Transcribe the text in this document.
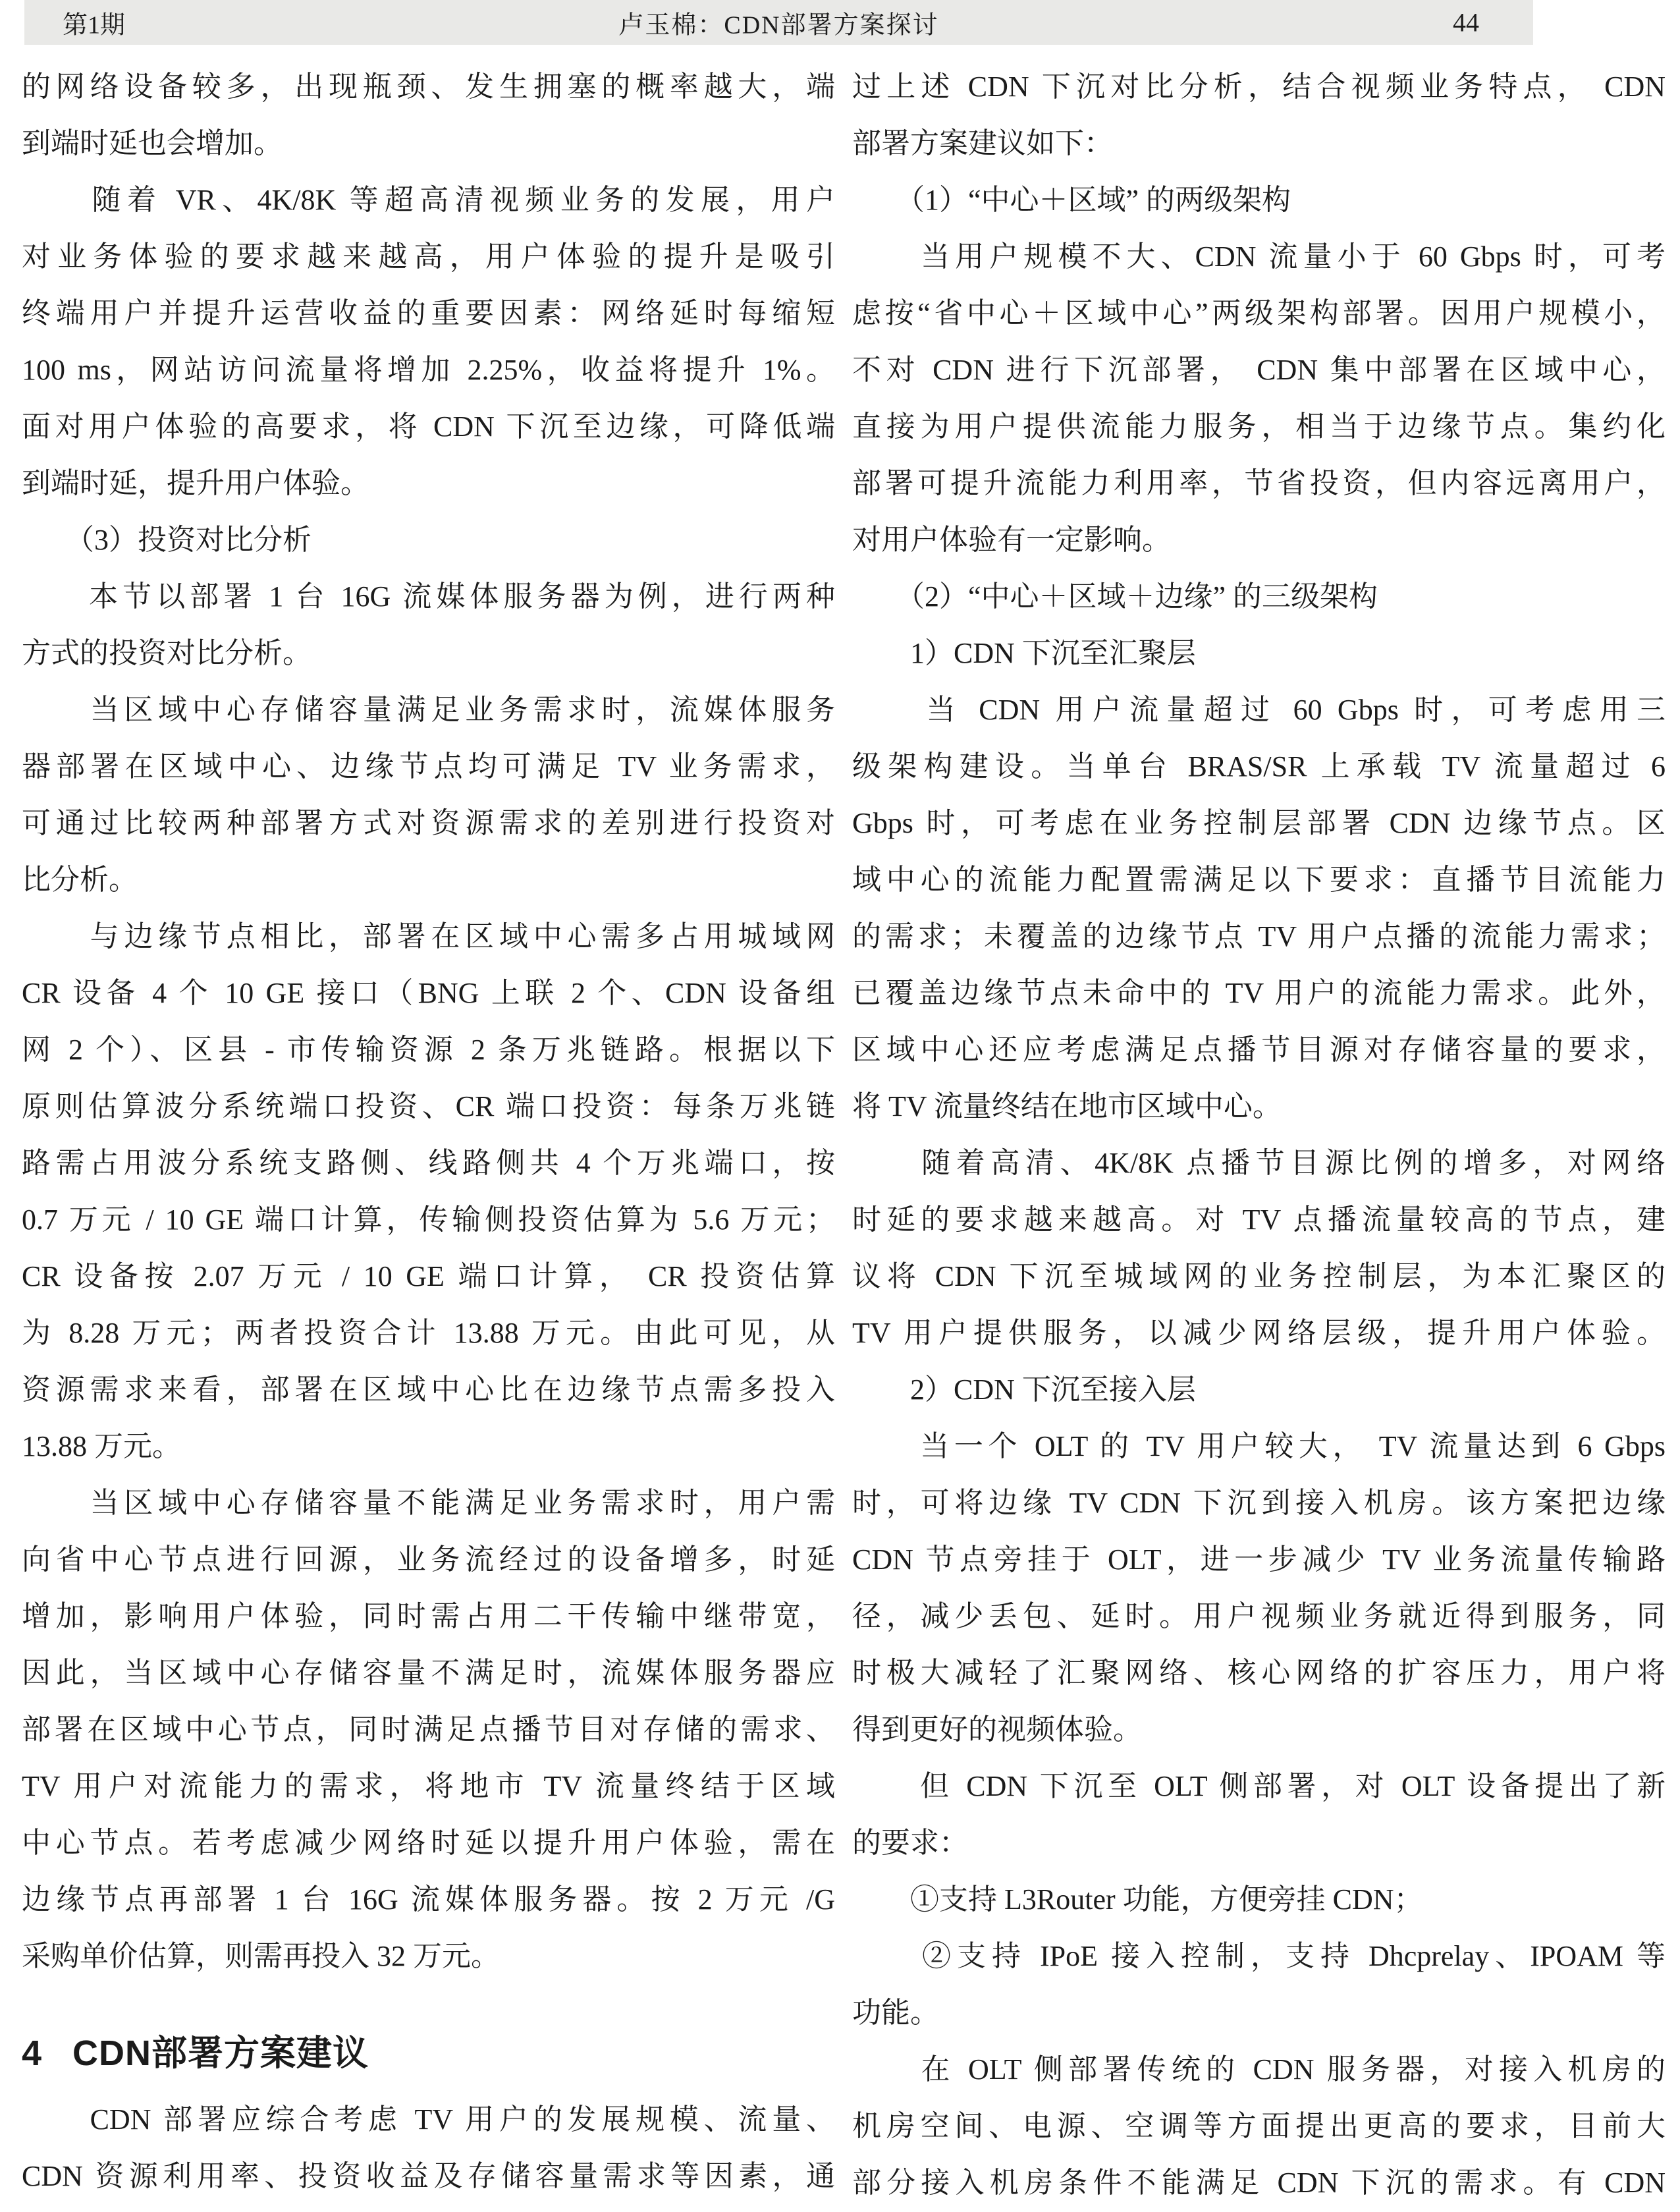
第1期	卢玉棉：CDN部署方案探讨	44
的网络设备较多，出现瓶颈、发生拥塞的概率越大，端
到端时延也会增加。
　　随着 VR、4K/8K 等超高清视频业务的发展，用户
对业务体验的要求越来越高，用户体验的提升是吸引
终端用户并提升运营收益的重要因素：网络延时每缩短
100 ms，网站访问流量将增加 2.25%，收益将提升 1%。
面对用户体验的高要求，将 CDN 下沉至边缘，可降低端
到端时延，提升用户体验。
　　（3）投资对比分析
　　本节以部署 1 台 16G 流媒体服务器为例，进行两种
方式的投资对比分析。
　　当区域中心存储容量满足业务需求时，流媒体服务
器部署在区域中心、边缘节点均可满足 TV 业务需求，
可通过比较两种部署方式对资源需求的差别进行投资对
比分析。
　　与边缘节点相比，部署在区域中心需多占用城域网
CR 设备 4 个 10 GE 接口（BNG 上联 2 个、CDN 设备组
网 2 个）、区县 - 市传输资源 2 条万兆链路。根据以下
原则估算波分系统端口投资、CR 端口投资：每条万兆链
路需占用波分系统支路侧、线路侧共 4 个万兆端口，按
0.7 万元 / 10 GE 端口计算，传输侧投资估算为 5.6 万元；
CR 设备按 2.07 万元 / 10 GE 端口计算， CR 投资估算
为 8.28 万元；两者投资合计 13.88 万元。由此可见，从
资源需求来看，部署在区域中心比在边缘节点需多投入
13.88 万元。
　　当区域中心存储容量不能满足业务需求时，用户需
向省中心节点进行回源，业务流经过的设备增多，时延
增加，影响用户体验，同时需占用二干传输中继带宽，
因此，当区域中心存储容量不满足时，流媒体服务器应
部署在区域中心节点，同时满足点播节目对存储的需求、
TV 用户对流能力的需求，将地市 TV 流量终结于区域
中心节点。若考虑减少网络时延以提升用户体验，需在
边缘节点再部署 1 台 16G 流媒体服务器。按 2 万元 /G
采购单价估算，则需再投入 32 万元。
4 CDN部署方案建议
　　CDN 部署应综合考虑 TV 用户的发展规模、流量、
CDN 资源利用率、投资收益及存储容量需求等因素，通
过上述 CDN 下沉对比分析，结合视频业务特点， CDN
部署方案建议如下：
　　（1）“中心＋区域” 的两级架构
　　当用户规模不大、CDN 流量小于 60 Gbps 时，可考
虑按“省中心＋区域中心”两级架构部署。因用户规模小，
不对 CDN 进行下沉部署， CDN 集中部署在区域中心，
直接为用户提供流能力服务，相当于边缘节点。集约化
部署可提升流能力利用率，节省投资，但内容远离用户，
对用户体验有一定影响。
　　（2）“中心＋区域＋边缘” 的三级架构
　　1）CDN 下沉至汇聚层
　　当 CDN 用户流量超过 60 Gbps 时，可考虑用三
级架构建设。当单台 BRAS/SR 上承载 TV 流量超过 6
Gbps 时，可考虑在业务控制层部署 CDN 边缘节点。区
域中心的流能力配置需满足以下要求：直播节目流能力
的需求；未覆盖的边缘节点 TV 用户点播的流能力需求；
已覆盖边缘节点未命中的 TV 用户的流能力需求。此外，
区域中心还应考虑满足点播节目源对存储容量的要求，
将 TV 流量终结在地市区域中心。
　　随着高清、4K/8K 点播节目源比例的增多，对网络
时延的要求越来越高。对 TV 点播流量较高的节点，建
议将 CDN 下沉至城域网的业务控制层，为本汇聚区的
TV 用户提供服务，以减少网络层级，提升用户体验。
　　2）CDN 下沉至接入层
　　当一个 OLT 的 TV 用户较大， TV 流量达到 6 Gbps
时，可将边缘 TV CDN 下沉到接入机房。该方案把边缘
CDN 节点旁挂于 OLT，进一步减少 TV 业务流量传输路
径，减少丢包、延时。用户视频业务就近得到服务，同
时极大减轻了汇聚网络、核心网络的扩容压力，用户将
得到更好的视频体验。
　　但 CDN 下沉至 OLT 侧部署，对 OLT 设备提出了新
的要求：
　　①支持 L3Router 功能，方便旁挂 CDN；
　　②支持 IPoE 接入控制，支持 Dhcprelay、IPOAM 等
功能。
　　在 OLT 侧部署传统的 CDN 服务器，对接入机房的
机房空间、电源、空调等方面提出更高的要求，目前大
部分接入机房条件不能满足 CDN 下沉的需求。有 CDN
